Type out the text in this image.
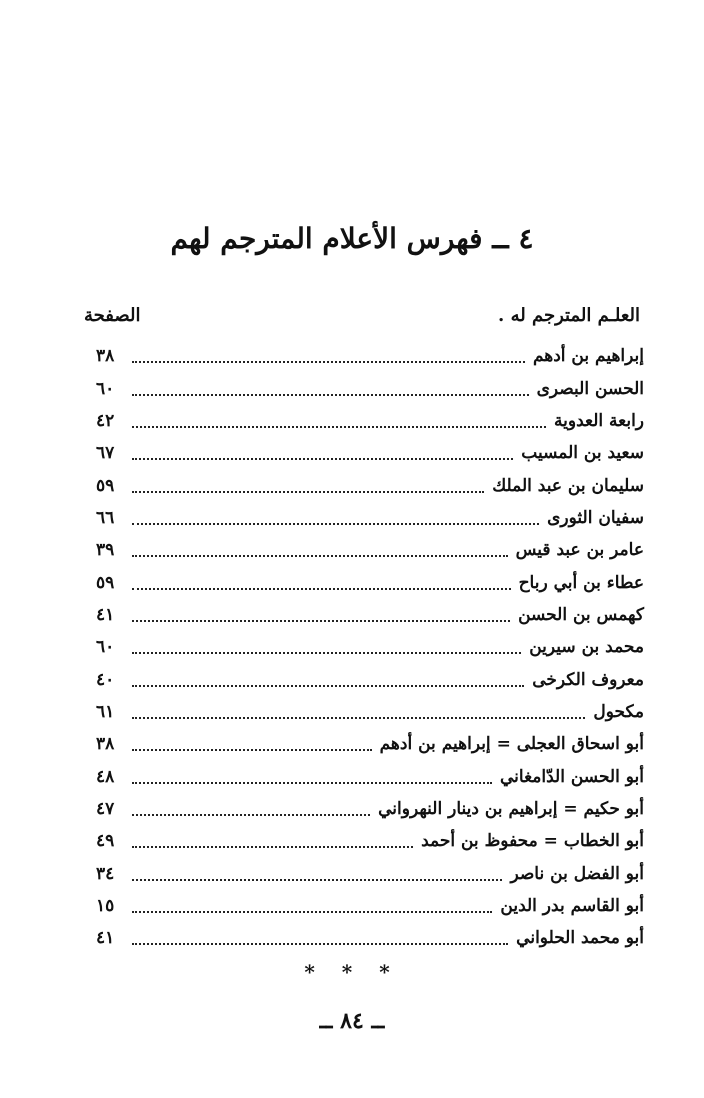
٤ ــ فهرس الأعلام المترجم لهم
العلـم المترجم له .
الصفحة
إبراهيم بن أدهم
٣٨
الحسن البصرى
٦٠
رابعة العدوية
٤٢
سعيد بن المسيب
٦٧
سليمان بن عبد الملك
٥٩
سفيان الثورى
٦٦
عامر بن عبد قيس
٣٩
عطاء بن أبي رباح
٥٩
كهمس بن الحسن
٤١
محمد بن سيرين
٦٠
معروف الكرخى
٤٠
مكحول
٦١
أبو اسحاق العجلى = إبراهيم بن أدهم
٣٨
أبو الحسن الدّامغاني
٤٨
أبو حكيم = إبراهيم بن دينار النهرواني
٤٧
أبو الخطاب = محفوظ بن أحمد
٤٩
أبو الفضل بن ناصر
٣٤
أبو القاسم بدر الدين
١٥
أبو محمد الحلواني
٤١
* * *
ــ ٨٤ ــ
